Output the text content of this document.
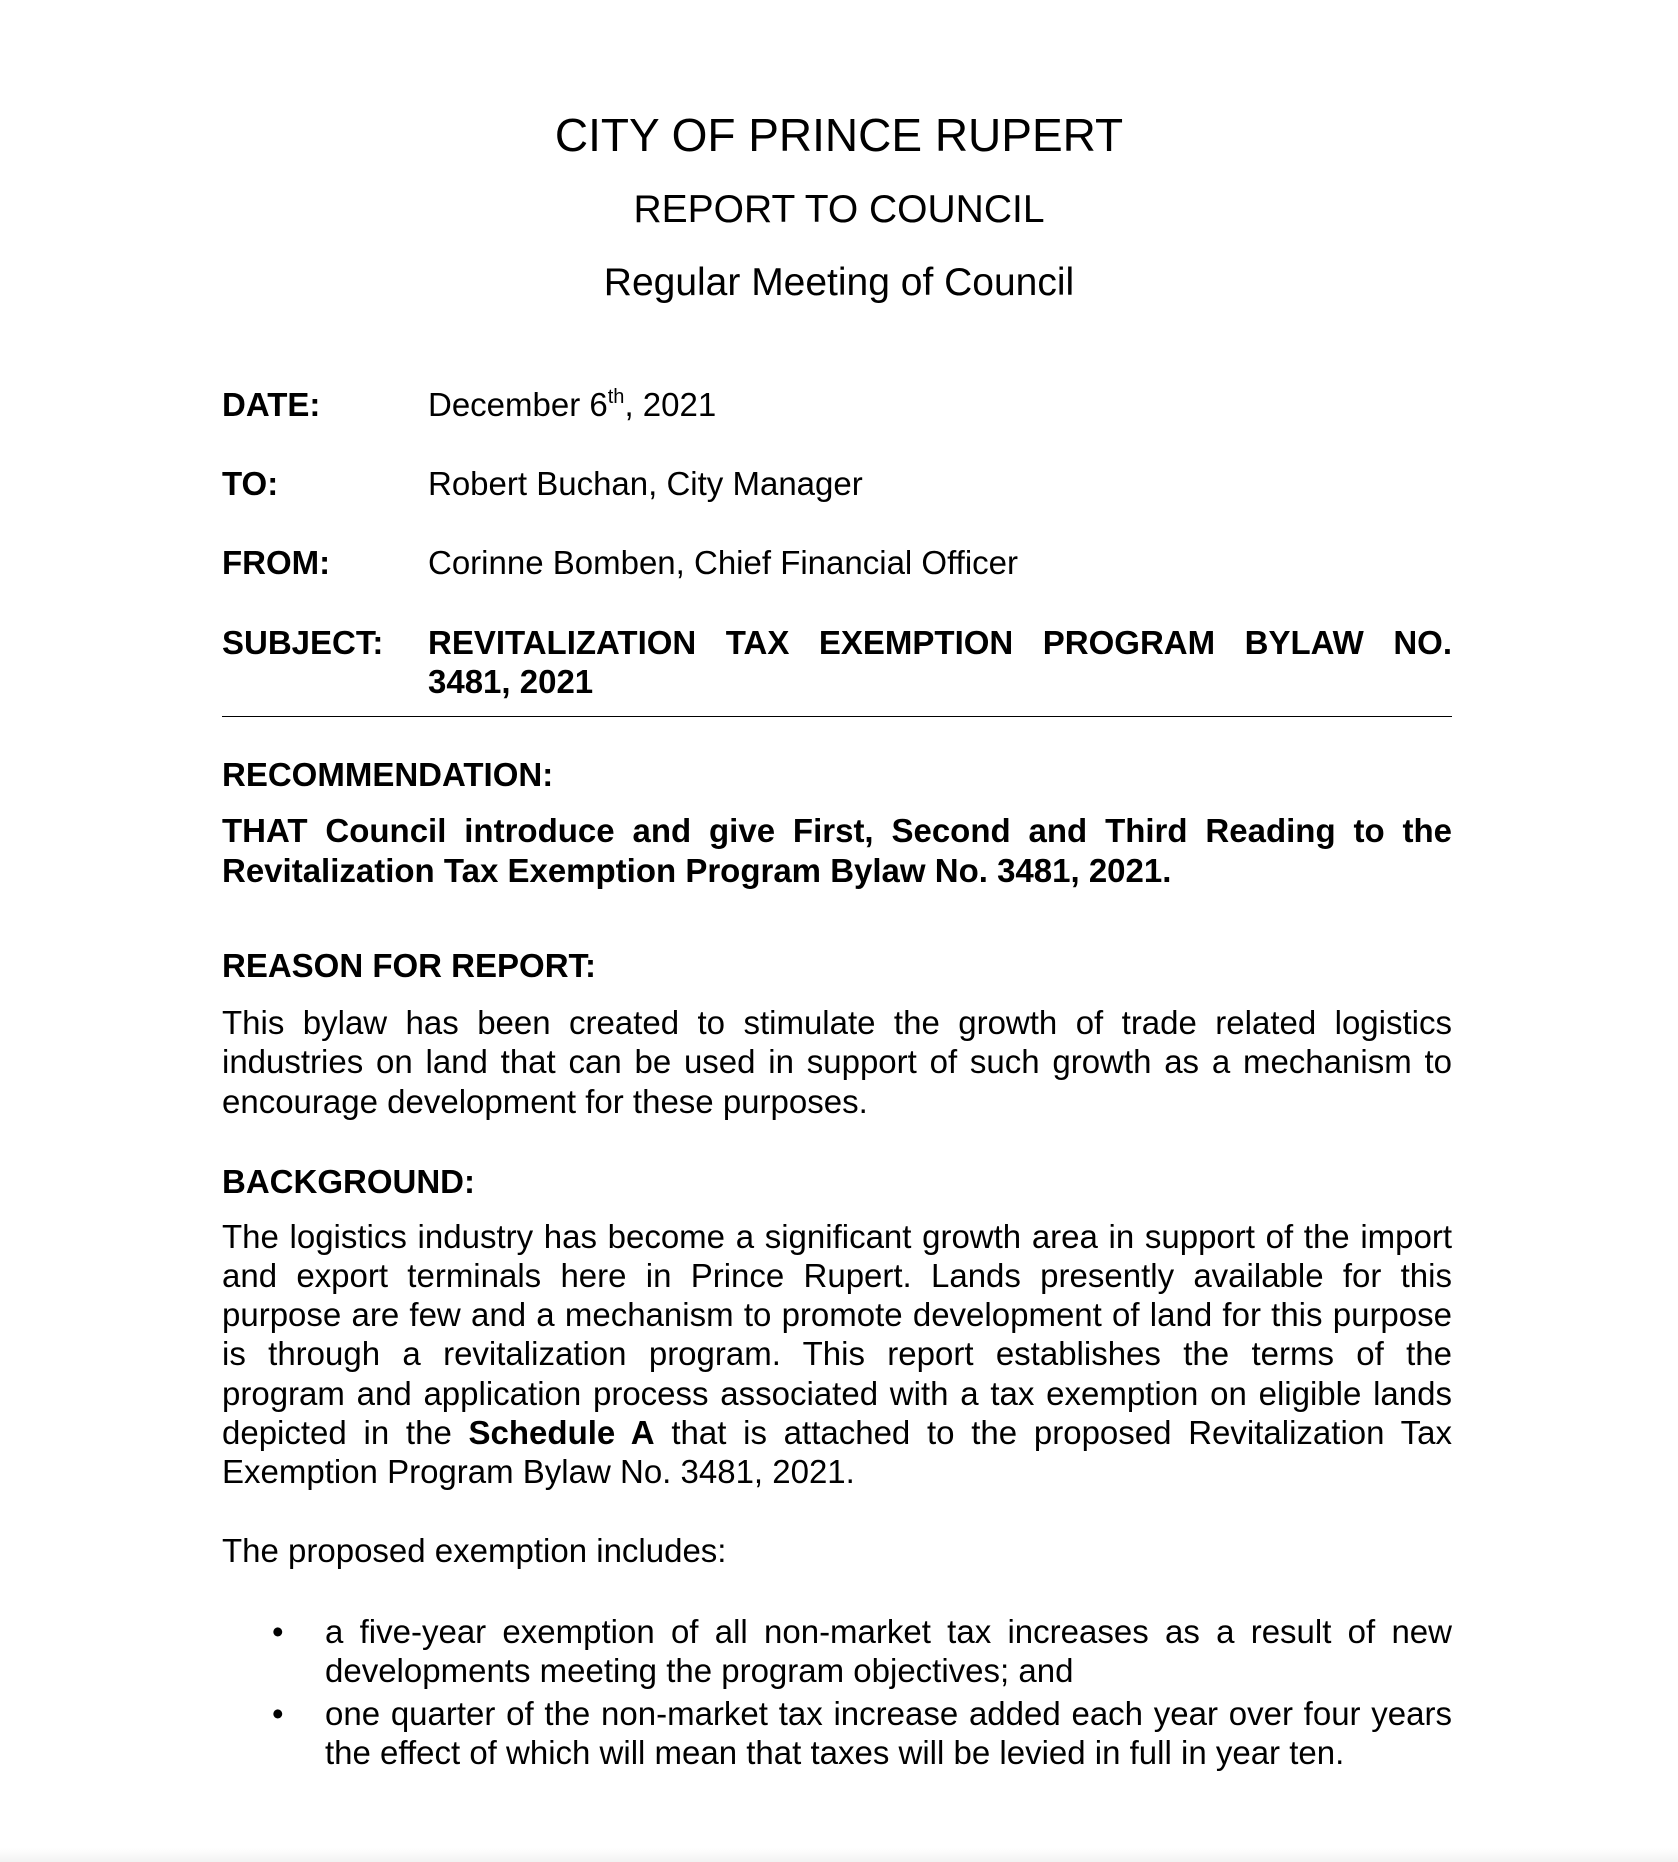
CITY OF PRINCE RUPERT
REPORT TO COUNCIL
Regular Meeting of Council
DATE:	December 6th, 2021
TO:	Robert Buchan, City Manager
FROM:	Corinne Bomben, Chief Financial Officer
SUBJECT: REVITALIZATION TAX EXEMPTION PROGRAM BYLAW NO.
3481, 2021
RECOMMENDATION:
THAT Council introduce and give First, Second and Third Reading to the
Revitalization Tax Exemption Program Bylaw No. 3481, 2021.
REASON FOR REPORT:
This bylaw has been created to stimulate the growth of trade related logistics
industries on land that can be used in support of such growth as a mechanism to
encourage development for these purposes.
BACKGROUND:
The logistics industry has become a significant growth area in support of the import
and export terminals here in Prince Rupert. Lands presently available for this
purpose are few and a mechanism to promote development of land for this purpose
is through a revitalization program. This report establishes the terms of the
program and application process associated with a tax exemption on eligible lands
depicted in the Schedule A that is attached to the proposed Revitalization Tax
Exemption Program Bylaw No. 3481, 2021.
The proposed exemption includes:
• a five-year exemption of all non-market tax increases as a result of new
developments meeting the program objectives; and
• one quarter of the non-market tax increase added each year over four years
the effect of which will mean that taxes will be levied in full in year ten.
